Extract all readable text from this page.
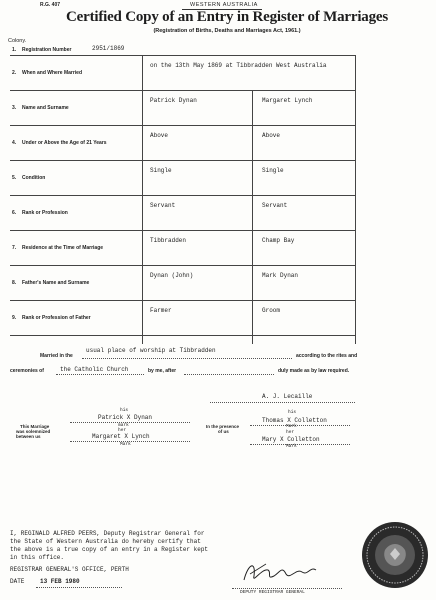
R.G. 407	WESTERN AUSTRALIA
Certified Copy of an Entry in Register of Marriages
(Registration of Births, Deaths and Marriages Act, 1961.)
Colony.
1. Registration Number	2951/1869
2. When and Where Married
on the 13th May 1869 at Tibbradden West Australia
3. Name and Surname
Patrick Dynan	Margaret Lynch
4. Under or Above the Age of 21 Years
Above	Above
5. Condition
Single	Single
6. Rank or Profession
Servant	Servant
7. Residence at the Time of Marriage
Tibbradden	Champ Bay
8. Father's Name and Surname
Dynan (John)	Mark Dynan
9. Rank or Profession of Father
Farmer	Groom
Married in the
usual place of worship at Tibbradden
according to the rites and
ceremonies of	the Catholic Church	by me, after	duly made as by law required.
A. J. Lecaille
his
Patrick X Dynan
mark
her
Margaret X Lynch
Mark
This Marriage
was solemnized
between us
In the presence
of us
his
Thomas X Colletton
Mark
her
Mary X Colletton
Mark
I, REGINALD ALFRED PEERS, Deputy Registrar General for
the State of Western Australia do hereby certify that
the above is a true copy of an entry in a Register kept
in this office.
REGISTRAR GENERAL'S OFFICE, PERTH
DATE	13 FEB 1980
DEPUTY REGISTRAR GENERAL
